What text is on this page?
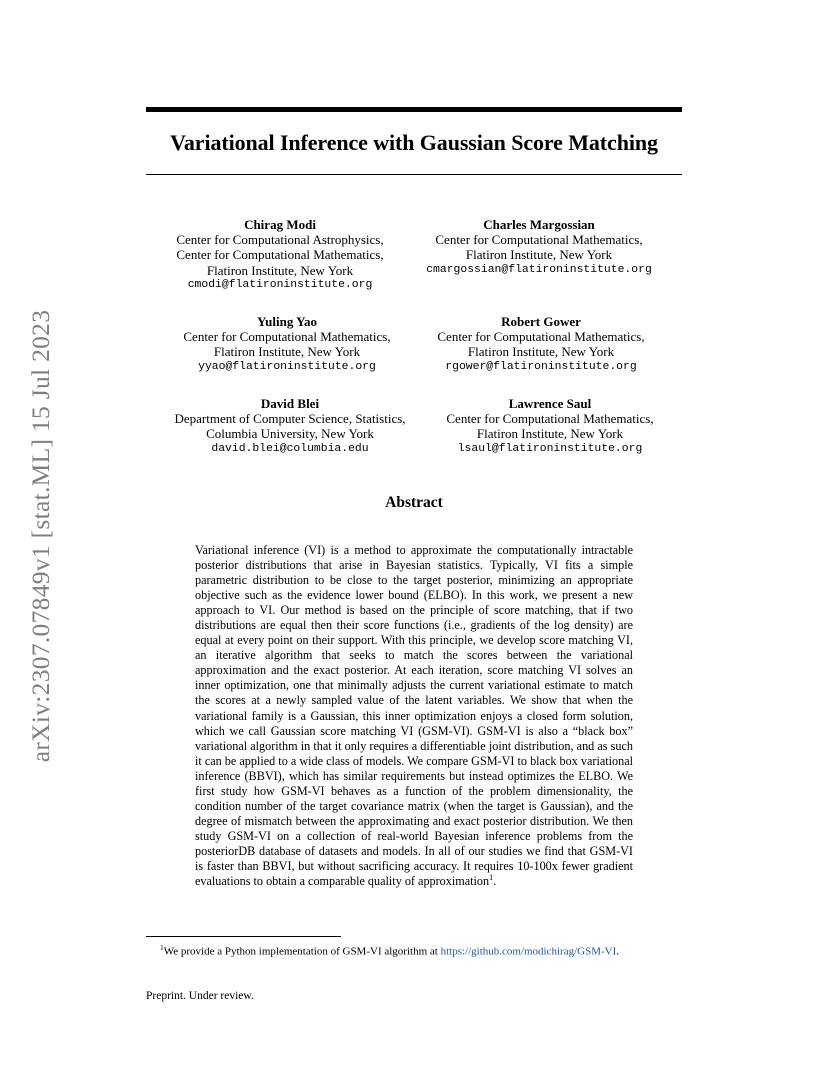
Variational Inference with Gaussian Score Matching
arXiv:2307.07849v1 [stat.ML] 15 Jul 2023
Chirag Modi
Center for Computational Astrophysics,
Center for Computational Mathematics,
Flatiron Institute, New York
cmodi@flatironinstitute.org
Charles Margossian
Center for Computational Mathematics,
Flatiron Institute, New York
cmargossian@flatironinstitute.org
Yuling Yao
Center for Computational Mathematics,
Flatiron Institute, New York
yyao@flatironinstitute.org
Robert Gower
Center for Computational Mathematics,
Flatiron Institute, New York
rgower@flatironinstitute.org
David Blei
Department of Computer Science, Statistics,
Columbia University, New York
david.blei@columbia.edu
Lawrence Saul
Center for Computational Mathematics,
Flatiron Institute, New York
lsaul@flatironinstitute.org
Abstract
Variational inference (VI) is a method to approximate the computationally intractable posterior distributions that arise in Bayesian statistics. Typically, VI fits a simple parametric distribution to be close to the target posterior, minimizing an appropriate objective such as the evidence lower bound (ELBO). In this work, we present a new approach to VI. Our method is based on the principle of score matching, that if two distributions are equal then their score functions (i.e., gradients of the log density) are equal at every point on their support. With this principle, we develop score matching VI, an iterative algorithm that seeks to match the scores between the variational approximation and the exact posterior. At each iteration, score matching VI solves an inner optimization, one that minimally adjusts the current variational estimate to match the scores at a newly sampled value of the latent variables. We show that when the variational family is a Gaussian, this inner optimization enjoys a closed form solution, which we call Gaussian score matching VI (GSM-VI). GSM-VI is also a “black box” variational algorithm in that it only requires a differentiable joint distribution, and as such it can be applied to a wide class of models. We compare GSM-VI to black box variational inference (BBVI), which has similar requirements but instead optimizes the ELBO. We first study how GSM-VI behaves as a function of the problem dimensionality, the condition number of the target covariance matrix (when the target is Gaussian), and the degree of mismatch between the approximating and exact posterior distribution. We then study GSM-VI on a collection of real-world Bayesian inference problems from the posteriorDB database of datasets and models. In all of our studies we find that GSM-VI is faster than BBVI, but without sacrificing accuracy. It requires 10-100x fewer gradient evaluations to obtain a comparable quality of approximation$^1$.
$^1$We provide a Python implementation of GSM-VI algorithm at https://github.com/modichirag/GSM-VI.
Preprint. Under review.
